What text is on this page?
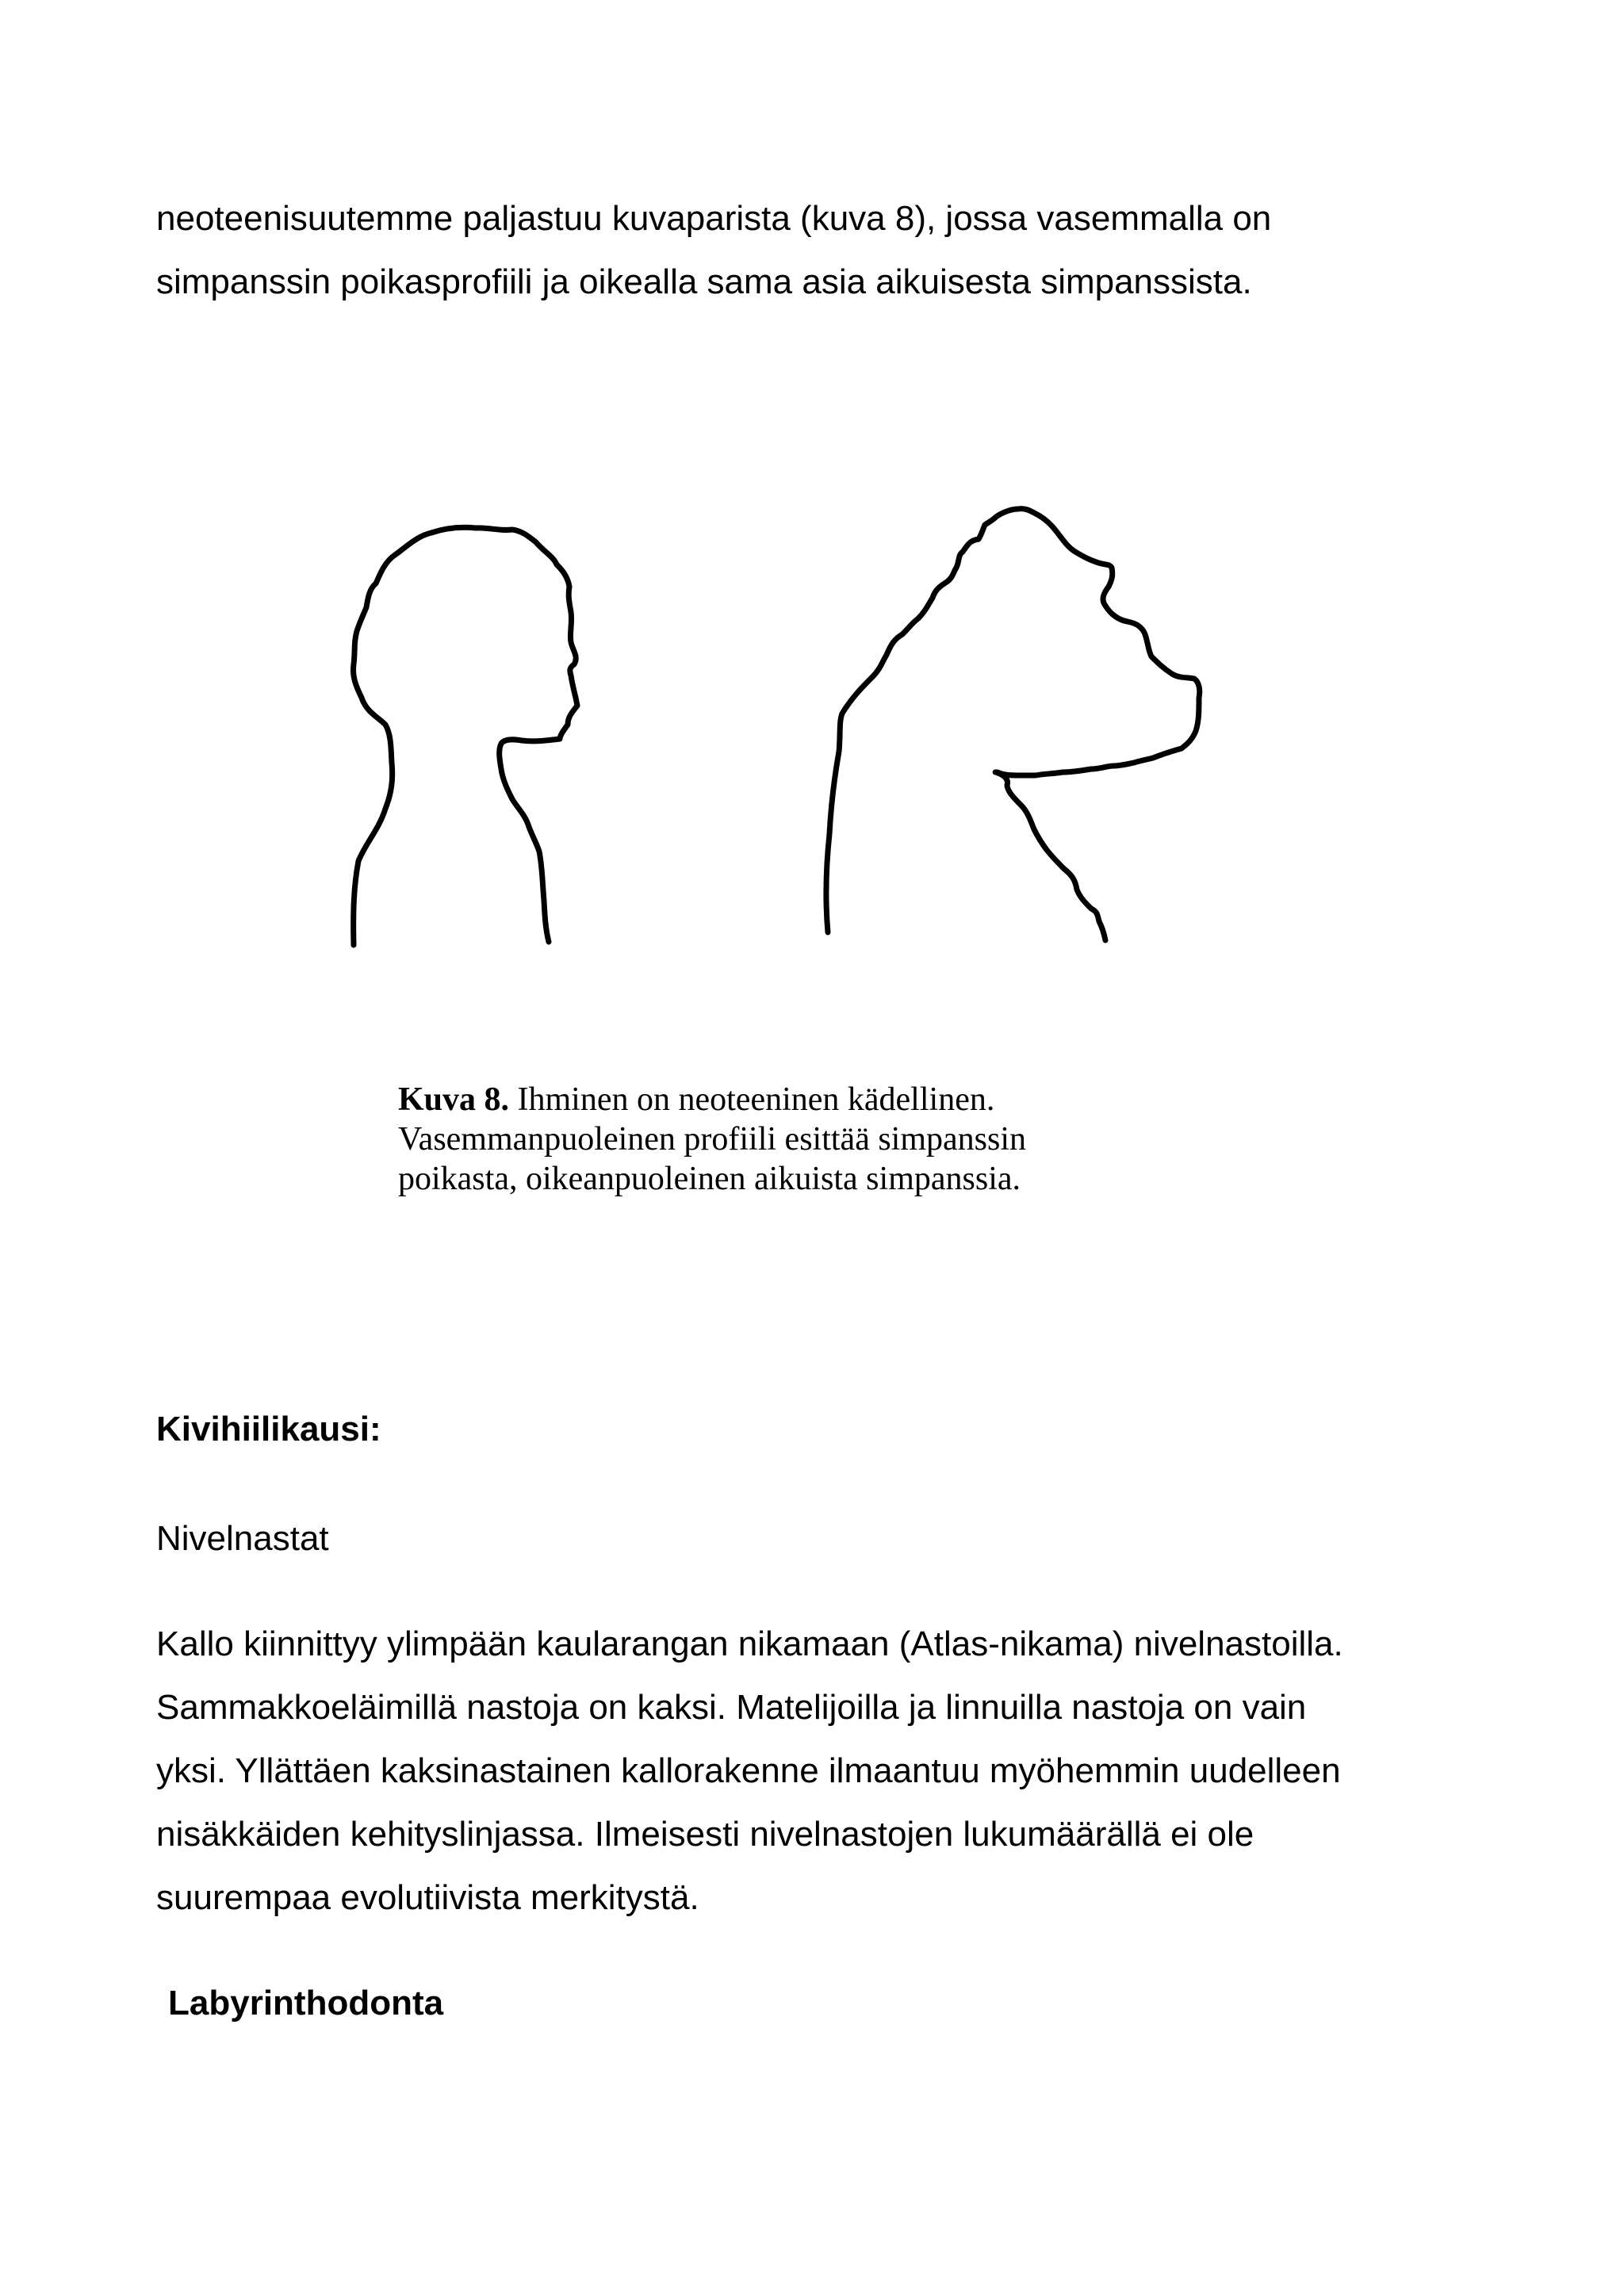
neoteenisuutemme paljastuu kuvaparista (kuva 8), jossa vasemmalla on
simpanssin poikasprofiili ja oikealla sama asia aikuisesta simpanssista.
Kuva 8. Ihminen on neoteeninen kädellinen.
Vasemmanpuoleinen profiili esittää simpanssin
poikasta, oikeanpuoleinen aikuista simpanssia.
Kivihiilikausi:
Nivelnastat
Kallo kiinnittyy ylimpään kaularangan nikamaan (Atlas-nikama) nivelnastoilla.
Sammakkoeläimillä nastoja on kaksi. Matelijoilla ja linnuilla nastoja on vain
yksi. Yllättäen kaksinastainen kallorakenne ilmaantuu myöhemmin uudelleen
nisäkkäiden kehityslinjassa. Ilmeisesti nivelnastojen lukumäärällä ei ole
suurempaa evolutiivista merkitystä.
Labyrinthodonta
